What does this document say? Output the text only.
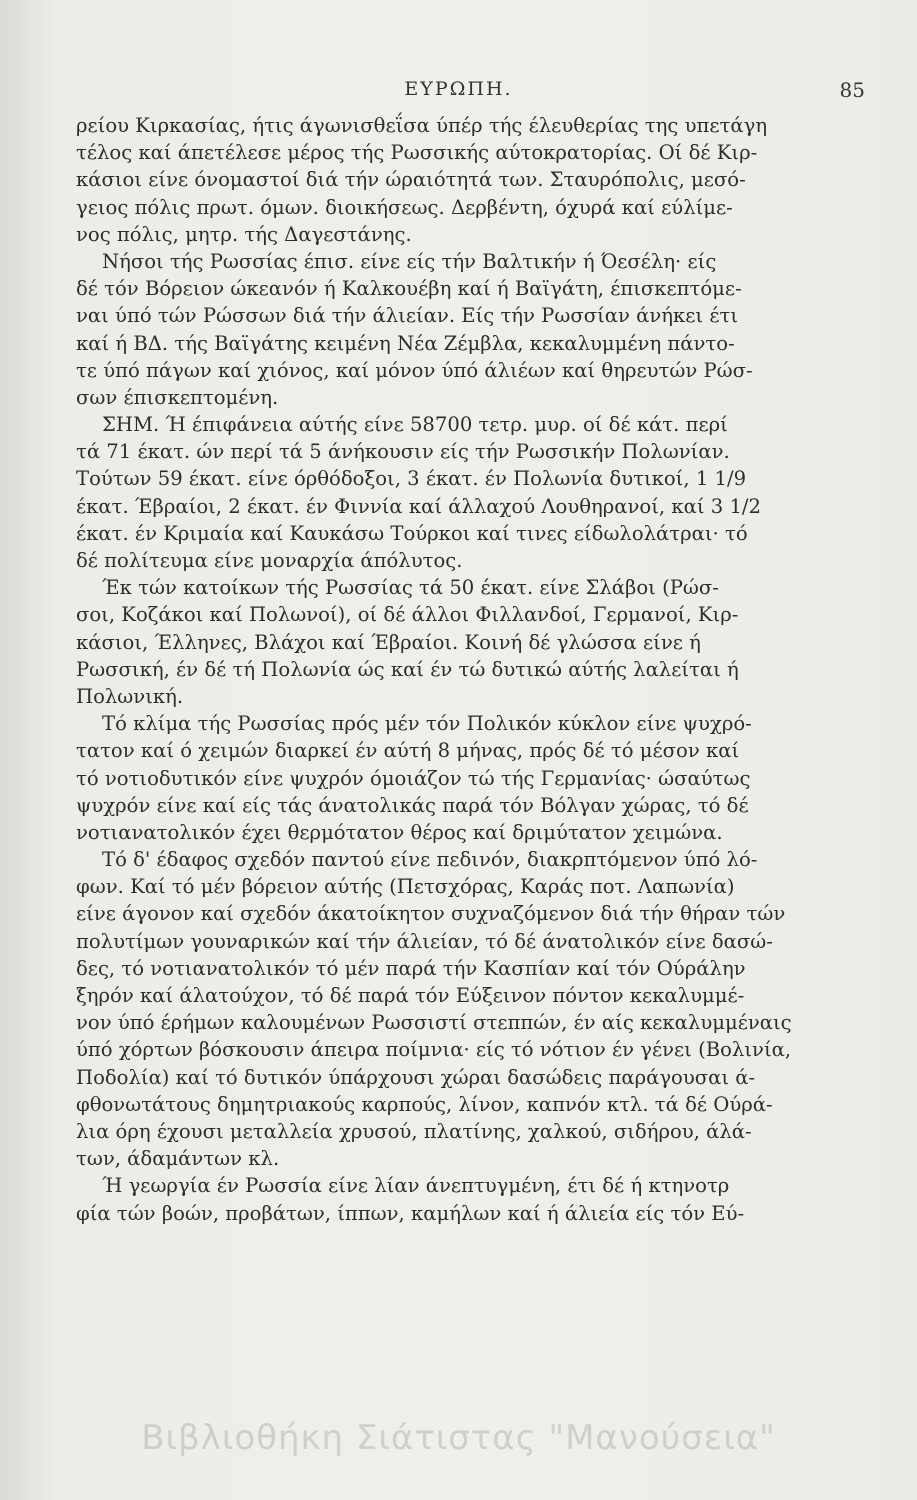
ΕΥΡΩΠΗ.	85
ρείου Κιρκασίας, ήτις άγωνισθεΐσα ύπέρ τής έλευθερίας της υπετάγη
τέλος καί άπετέλεσε μέρος τής Ρωσσικής αύτοκρατορίας. Οί δέ Κιρ-
κάσιοι είνε όνομαστοί διά τήν ώραιότητά των. Σταυρόπολις, μεσό-
γειος πόλις πρωτ. όμων. διοικήσεως. Δερβέντη, όχυρά καί εύλίμε-
νος πόλις, μητρ. τής Δαγεστάνης.
Νήσοι τής Ρωσσίας έπισ. είνε είς τήν Βαλτικήν ή Όεσέλη· είς
δέ τόν Βόρειον ώκεανόν ή Καλκουέβη καί ή Βαϊγάτη, έπισκεπτόμε-
ναι ύπό τών Ρώσσων διά τήν άλιείαν. Είς τήν Ρωσσίαν άνήκει έτι
καί ή ΒΔ. τής Βαϊγάτης κειμένη Νέα Ζέμβλα, κεκαλυμμένη πάντο-
τε ύπό πάγων καί χιόνος, καί μόνον ύπό άλιέων καί θηρευτών Ρώσ-
σων έπισκεπτομένη.
ΣΗΜ. Ή έπιφάνεια αύτής είνε 58700 τετρ. μυρ. οί δέ κάτ. περί
τά 71 έκατ. ών περί τά 5 άνήκουσιν είς τήν Ρωσσικήν Πολωνίαν.
Τούτων 59 έκατ. είνε όρθόδοξοι, 3 έκατ. έν Πολωνία δυτικοί, 1 1/9
έκατ. Έβραίοι, 2 έκατ. έν Φιννία καί άλλαχού Λουθηρανοί, καί 3 1/2
έκατ. έν Κριμαία καί Καυκάσω Τούρκοι καί τινες είδωλολάτραι· τό
δέ πολίτευμα είνε μοναρχία άπόλυτος.
Έκ τών κατοίκων τής Ρωσσίας τά 50 έκατ. είνε Σλάβοι (Ρώσ-
σοι, Κοζάκοι καί Πολωνοί), οί δέ άλλοι Φιλλανδοί, Γερμανοί, Κιρ-
κάσιοι, Έλληνες, Βλάχοι καί Έβραίοι. Κοινή δέ γλώσσα είνε ή
Ρωσσική, έν δέ τή Πολωνία ώς καί έν τώ δυτικώ αύτής λαλείται ή
Πολωνική.
Τό κλίμα τής Ρωσσίας πρός μέν τόν Πολικόν κύκλον είνε ψυχρό-
τατον καί ό χειμών διαρκεί έν αύτή 8 μήνας, πρός δέ τό μέσον καί
τό νοτιοδυτικόν είνε ψυχρόν όμοιάζον τώ τής Γερμανίας· ώσαύτως
ψυχρόν είνε καί είς τάς άνατολικάς παρά τόν Βόλγαν χώρας, τό δέ
νοτιανατολικόν έχει θερμότατον θέρος καί δριμύτατον χειμώνα.
Τό δ' έδαφος σχεδόν παντού είνε πεδινόν, διακρπτόμενον ύπό λό-
φων. Καί τό μέν βόρειον αύτής (Πετσχόρας, Καράς ποτ. Λαπωνία)
είνε άγονον καί σχεδόν άκατοίκητον συχναζόμενον διά τήν θήραν τών
πολυτίμων γουναρικών καί τήν άλιείαν, τό δέ άνατολικόν είνε δασώ-
δες, τό νοτιανατολικόν τό μέν παρά τήν Κασπίαν καί τόν Ούράλην
ξηρόν καί άλατούχον, τό δέ παρά τόν Εύξεινον πόντον κεκαλυμμέ-
νον ύπό έρήμων καλουμένων Ρωσσιστί στεππών, έν αίς κεκαλυμμέναις
ύπό χόρτων βόσκουσιν άπειρα ποίμνια· είς τό νότιον έν γένει (Βολινία,
Ποδολία) καί τό δυτικόν ύπάρχουσι χώραι δασώδεις παράγουσαι ά-
φθονωτάτους δημητριακούς καρπούς, λίνον, καπνόν κτλ. τά δέ Ούρά-
λια όρη έχουσι μεταλλεία χρυσού, πλατίνης, χαλκού, σιδήρου, άλά-
των, άδαμάντων κλ.
Ή γεωργία έν Ρωσσία είνε λίαν άνεπτυγμένη, έτι δέ ή κτηνοτρ
φία τών βοών, προβάτων, ίππων, καμήλων καί ή άλιεία είς τόν Εύ-
Βιβλιοθήκη Σιάτιστας "Μανούσεια"
